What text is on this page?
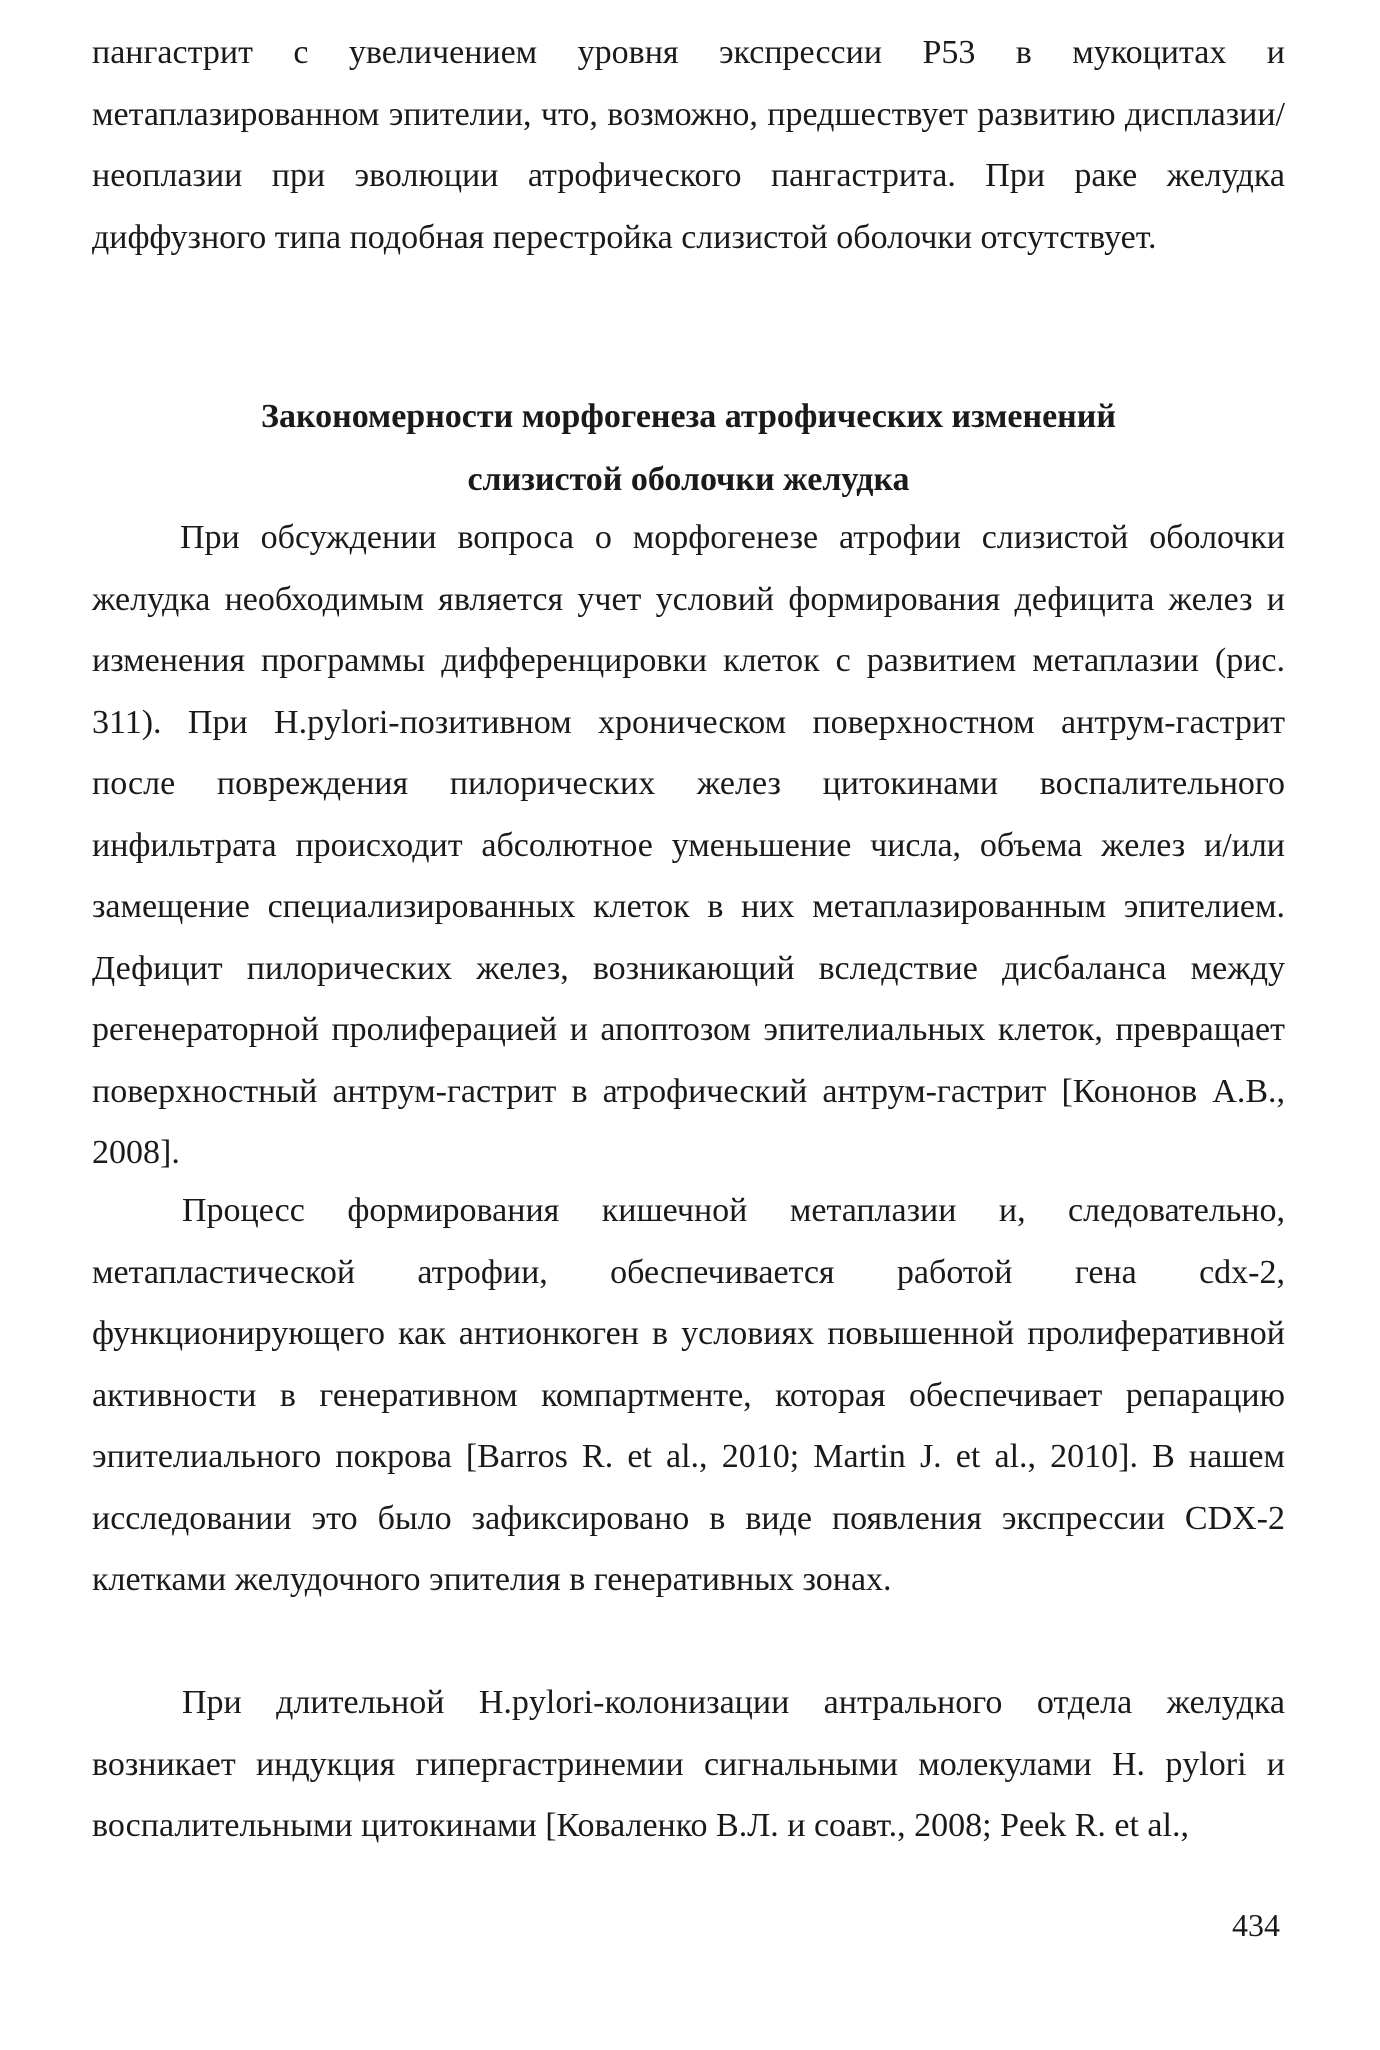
пангастрит с увеличением уровня экспрессии Р53 в мукоцитах и метаплазированном эпителии, что, возможно, предшествует развитию дисплазии/неоплазии при эволюции атрофического пангастрита. При раке желудка диффузного типа подобная перестройка слизистой оболочки отсутствует.

Закономерности морфогенеза атрофических изменений
слизистой оболочки желудка

При обсуждении вопроса о морфогенезе атрофии слизистой оболочки желудка необходимым является учет условий формирования дефицита желез и изменения программы дифференцировки клеток с развитием метаплазии (рис. 311). При H.pylori-позитивном хроническом поверхностном антрум-гастрит после повреждения пилорических желез цитокинами воспалительного инфильтрата происходит абсолютное уменьшение числа, объема желез и/или замещение специализированных клеток в них метаплазированным эпителием. Дефицит пилорических желез, возникающий вследствие дисбаланса между регенераторной пролиферацией и апоптозом эпителиальных клеток, превращает поверхностный антрум-гастрит в атрофический антрум-гастрит [Кононов А.В., 2008].

Процесс формирования кишечной метаплазии и, следовательно, метапластической атрофии, обеспечивается работой гена cdx-2, функционирующего как антионкоген в условиях повышенной пролиферативной активности в генеративном компартменте, которая обеспечивает репарацию эпителиального покрова [Barros R. et al., 2010; Martin J. et al., 2010]. В нашем исследовании это было зафиксировано в виде появления экспрессии CDX-2 клетками желудочного эпителия в генеративных зонах.

При длительной H.pylori-колонизации антрального отдела желудка возникает индукция гипергастринемии сигнальными молекулами H. pylori и воспалительными цитокинами [Коваленко В.Л. и соавт., 2008; Peek R. et al.,

434
